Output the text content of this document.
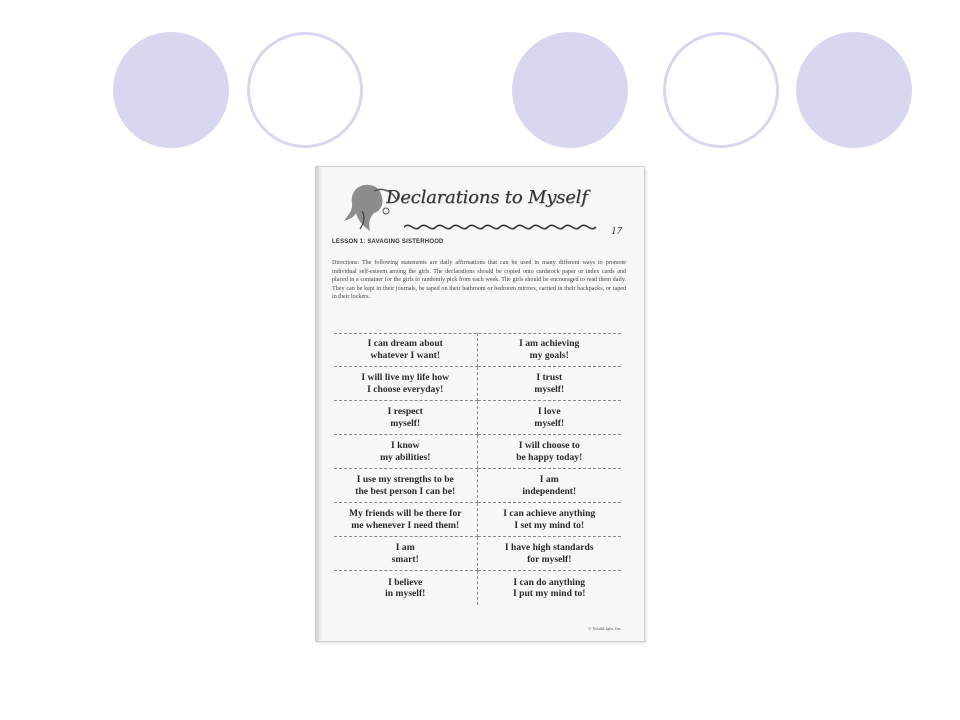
Declarations to Myself
17
LESSON 1: SAVAGING SISTERHOOD

Directions: The following statements are daily affirmations that can be used in many different ways to promote individual self-esteem among the girls. The declarations should be copied onto cardstock paper or index cards and placed in a container for the girls to randomly pick from each week. The girls should be encouraged to read them daily. They can be kept in their journals, be taped on their bathroom or bedroom mirrors, carried in their backpacks, or taped in their lockers.

I can dream about
whatever I want!
I am achieving
my goals!
I will live my life how
I choose everyday!
I trust
myself!
I respect
myself!
I love
myself!
I know
my abilities!
I will choose to
be happy today!
I use my strengths to be
the best person I can be!
I am
independent!
My friends will be there for
me whenever I need them!
I can achieve anything
I set my mind to!
I am
smart!
I have high standards
for myself!
I believe
in myself!
I can do anything
I put my mind to!
© YouthLight, Inc.
